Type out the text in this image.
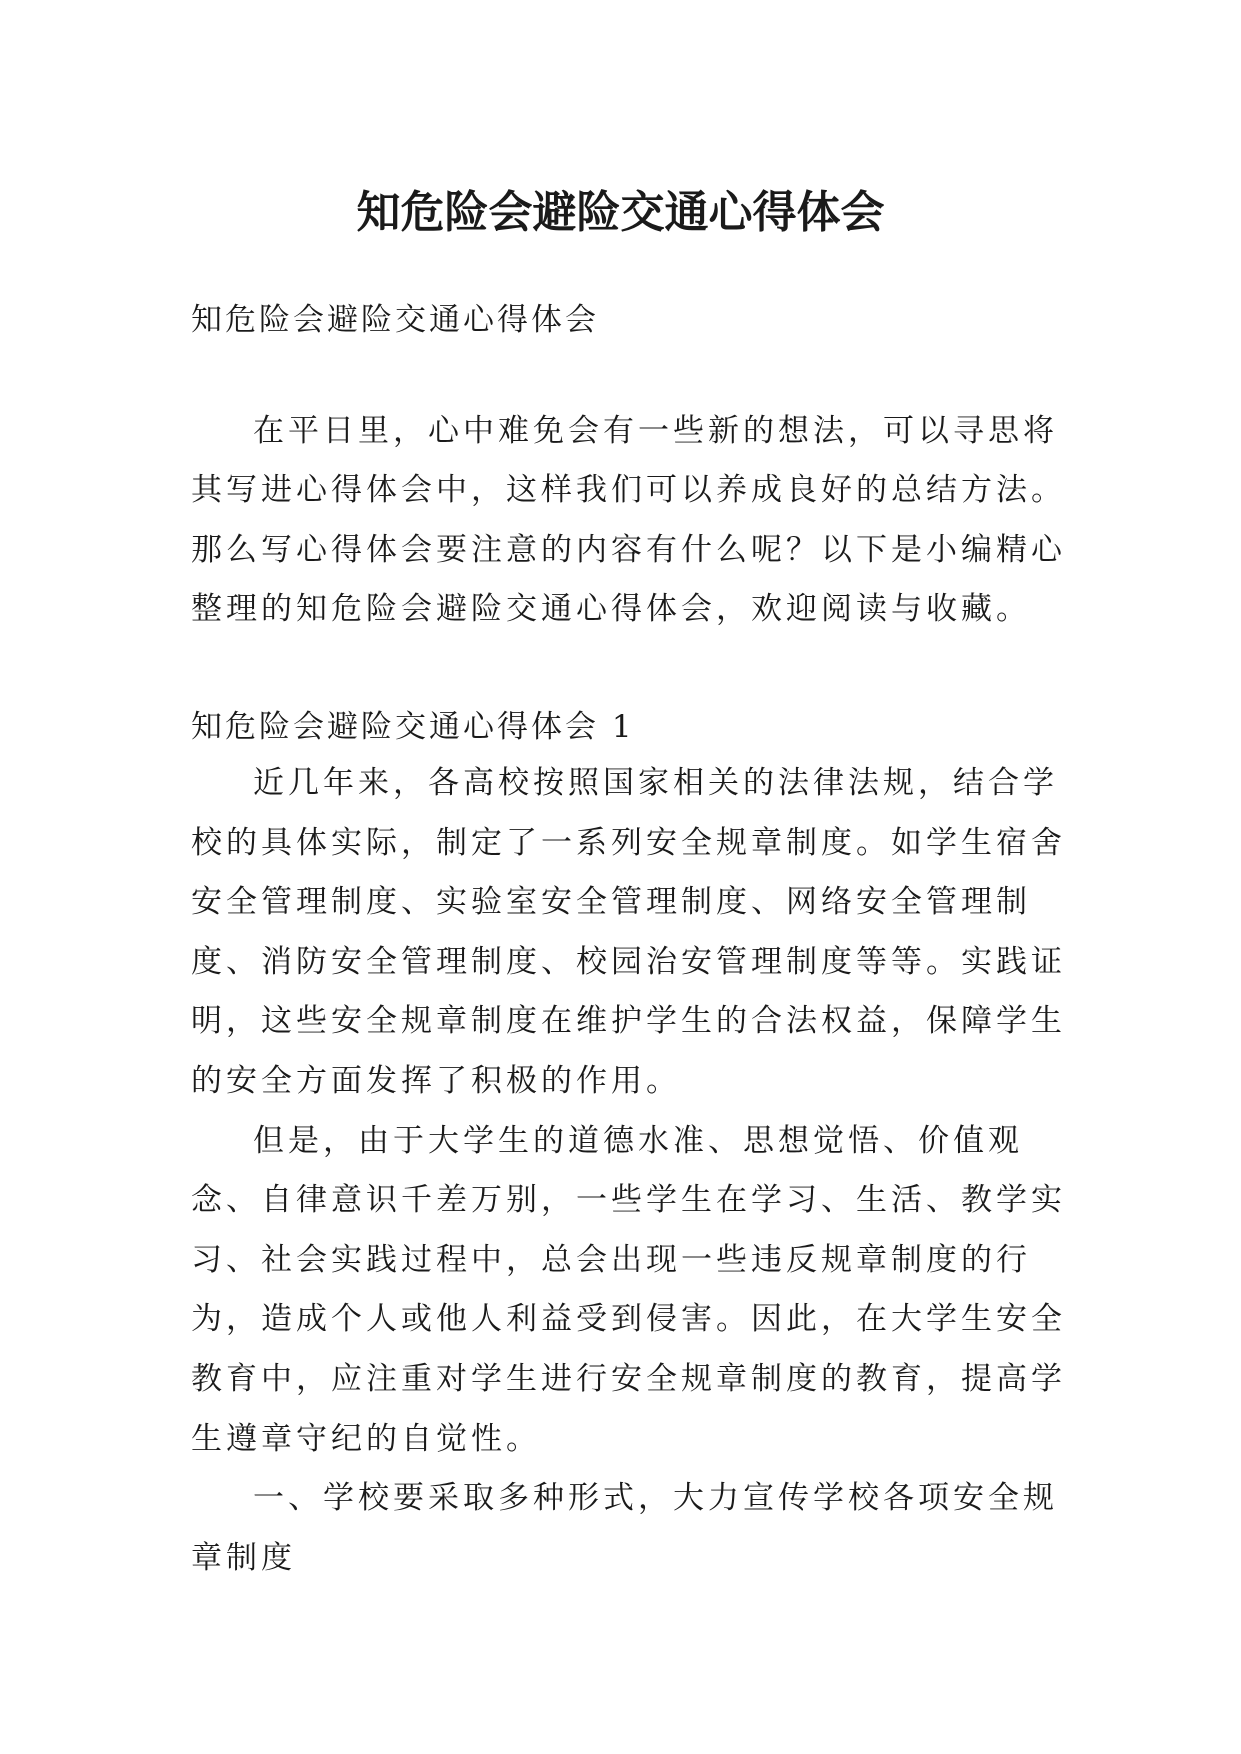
知危险会避险交通心得体会
知危险会避险交通心得体会

在平日里，心中难免会有一些新的想法，可以寻思将其写进心得体会中，这样我们可以养成良好的总结方法。那么写心得体会要注意的内容有什么呢？以下是小编精心整理的知危险会避险交通心得体会，欢迎阅读与收藏。

知危险会避险交通心得体会 1

近几年来，各高校按照国家相关的法律法规，结合学校的具体实际，制定了一系列安全规章制度。如学生宿舍安全管理制度、实验室安全管理制度、网络安全管理制度、消防安全管理制度、校园治安管理制度等等。实践证明，这些安全规章制度在维护学生的合法权益，保障学生的安全方面发挥了积极的作用。

但是，由于大学生的道德水准、思想觉悟、价值观念、自律意识千差万别，一些学生在学习、生活、教学实习、社会实践过程中，总会出现一些违反规章制度的行为，造成个人或他人利益受到侵害。因此，在大学生安全教育中，应注重对学生进行安全规章制度的教育，提高学生遵章守纪的自觉性。

一、学校要采取多种形式，大力宣传学校各项安全规章制度
